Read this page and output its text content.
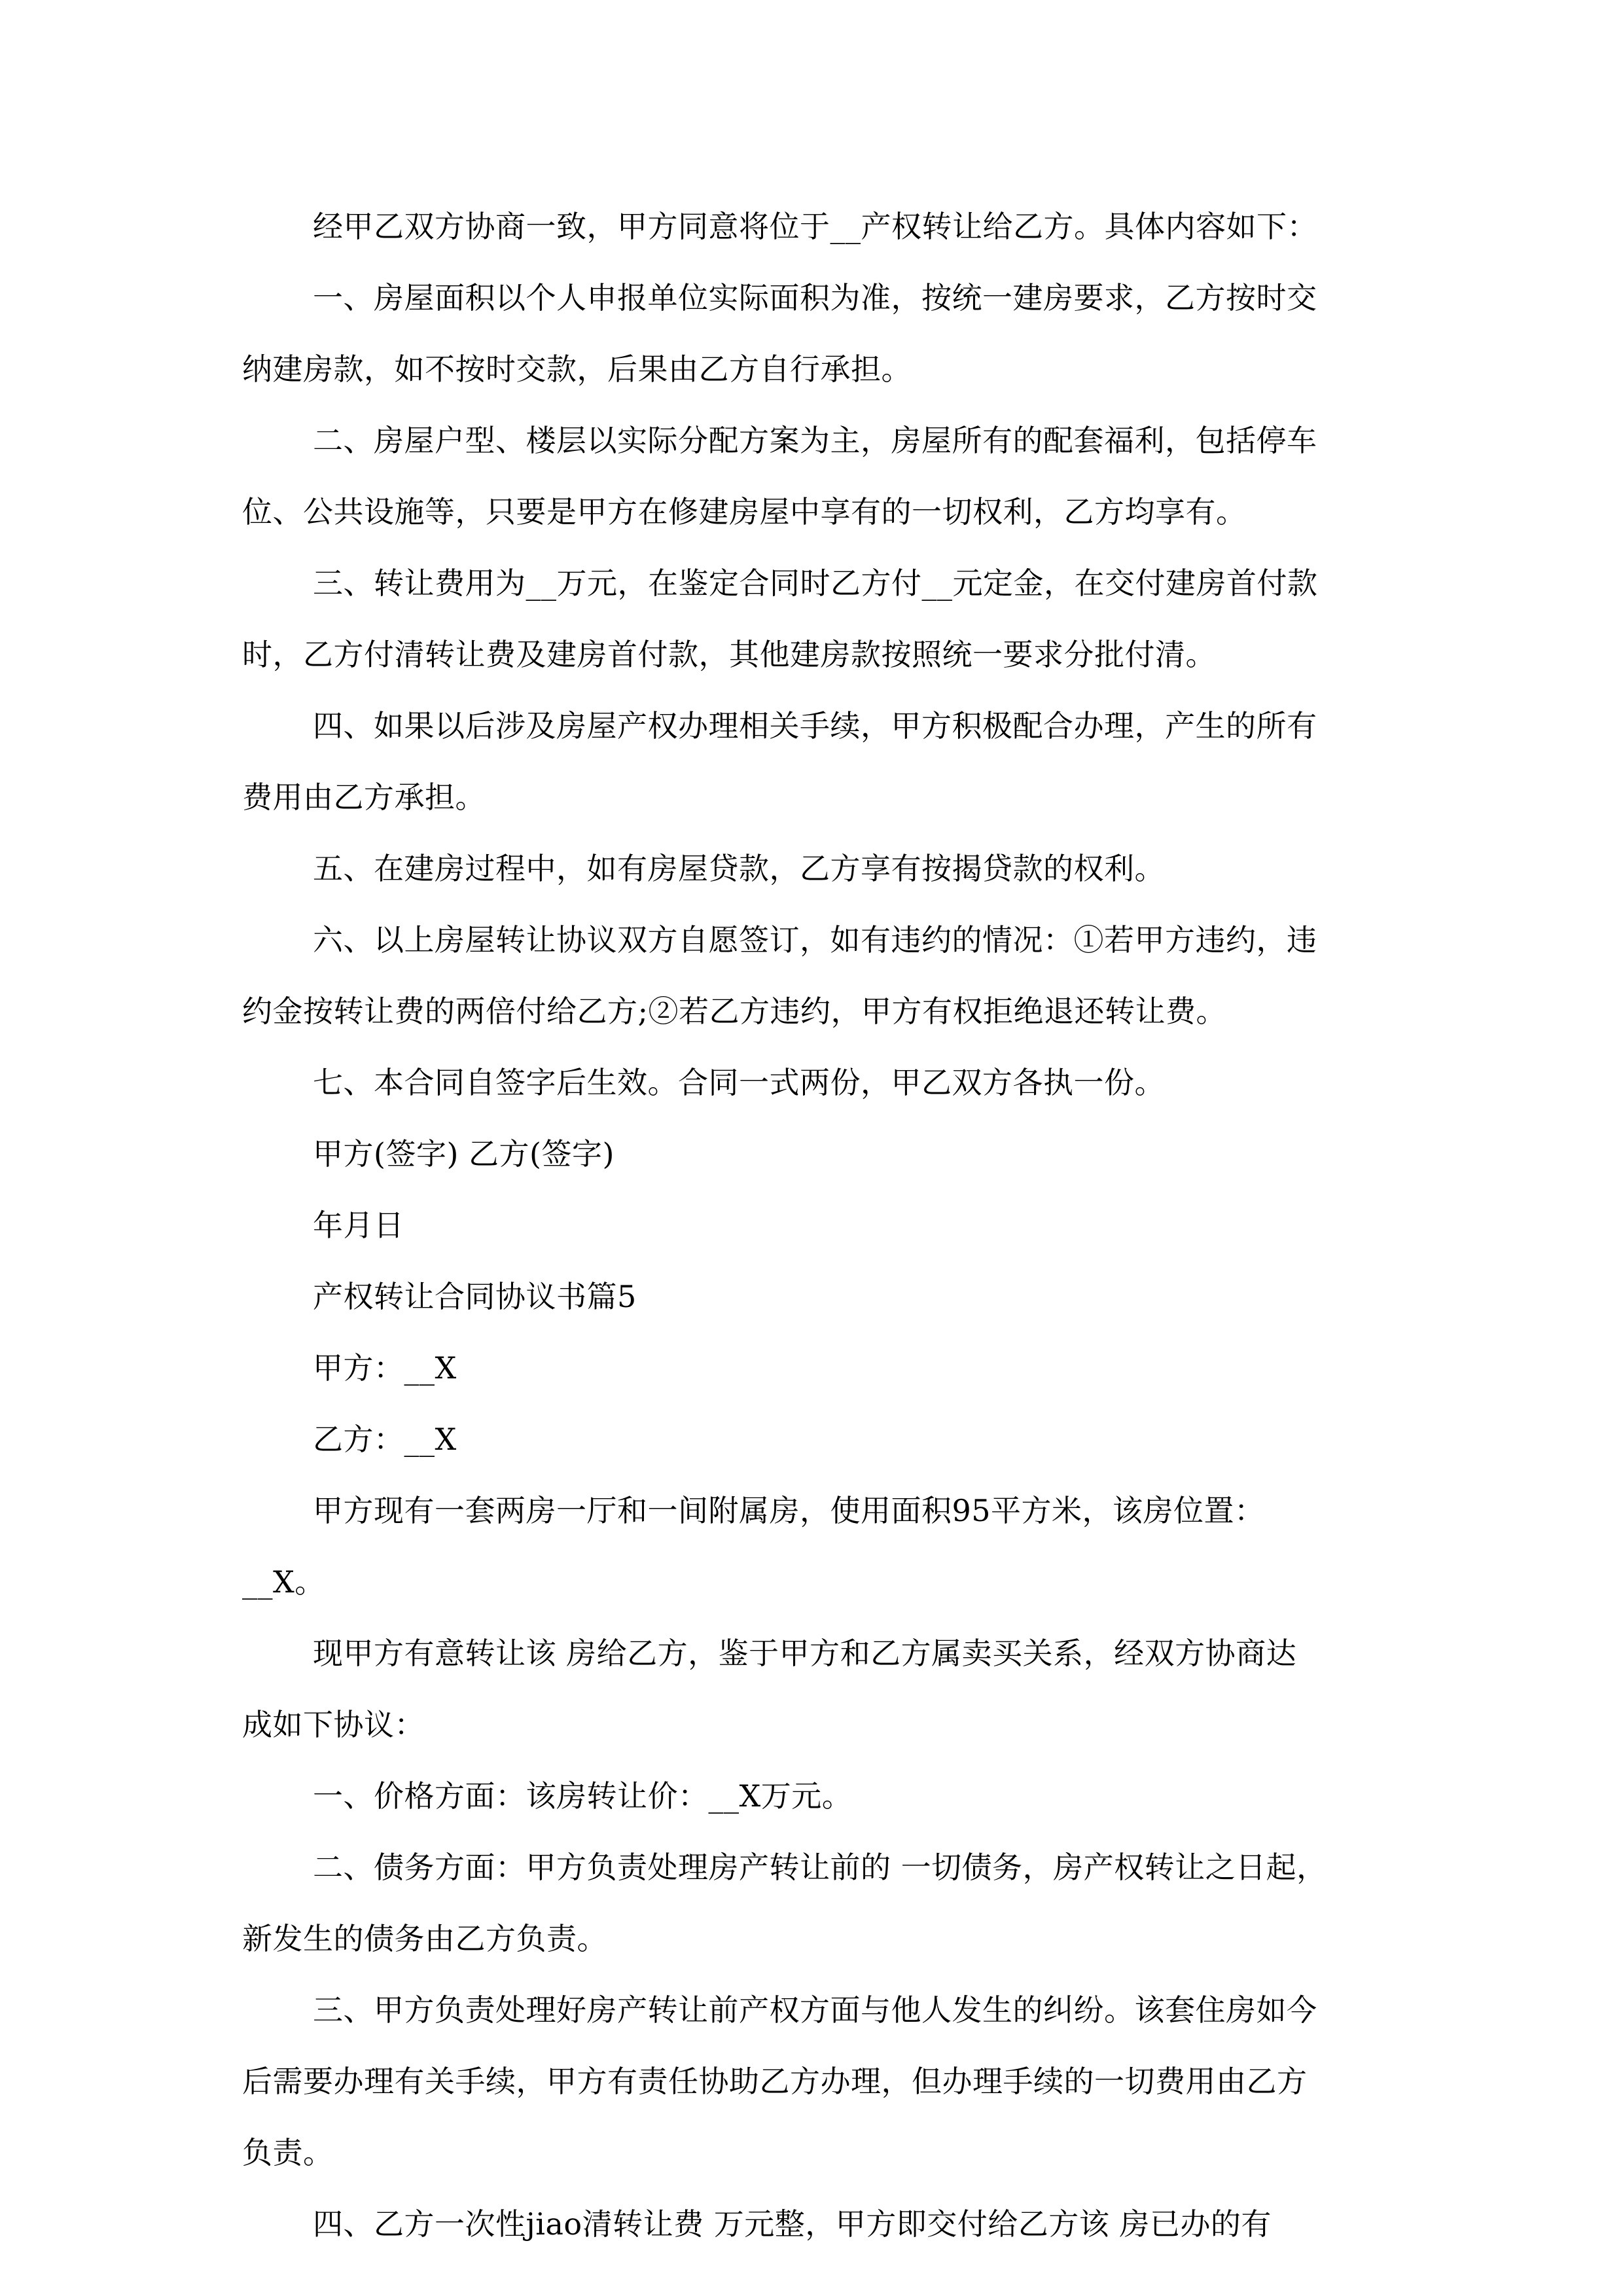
经甲乙双方协商一致，甲方同意将位于__产权转让给乙方。具体内容如下：

一、房屋面积以个人申报单位实际面积为准，按统一建房要求，乙方按时交

纳建房款，如不按时交款，后果由乙方自行承担。

二、房屋户型、楼层以实际分配方案为主，房屋所有的配套福利，包括停车

位、公共设施等，只要是甲方在修建房屋中享有的一切权利，乙方均享有。

三、转让费用为__万元，在鉴定合同时乙方付__元定金，在交付建房首付款

时，乙方付清转让费及建房首付款，其他建房款按照统一要求分批付清。

四、如果以后涉及房屋产权办理相关手续，甲方积极配合办理，产生的所有

费用由乙方承担。

五、在建房过程中，如有房屋贷款，乙方享有按揭贷款的权利。

六、以上房屋转让协议双方自愿签订，如有违约的情况：①若甲方违约，违

约金按转让费的两倍付给乙方;②若乙方违约，甲方有权拒绝退还转让费。

七、本合同自签字后生效。合同一式两份，甲乙双方各执一份。

甲方(签字) 乙方(签字)

年月日

产权转让合同协议书篇5

甲方：__X

乙方：__X

甲方现有一套两房一厅和一间附属房，使用面积95平方米，该房位置：

__X。

现甲方有意转让该 房给乙方，鉴于甲方和乙方属卖买关系，经双方协商达

成如下协议：

一、价格方面：该房转让价：__X万元。

二、债务方面：甲方负责处理房产转让前的 一切债务，房产权转让之日起，

新发生的债务由乙方负责。

三、甲方负责处理好房产转让前产权方面与他人发生的纠纷。该套住房如今

后需要办理有关手续，甲方有责任协助乙方办理，但办理手续的一切费用由乙方

负责。

四、乙方一次性jiao清转让费 万元整，甲方即交付给乙方该 房已办的有
